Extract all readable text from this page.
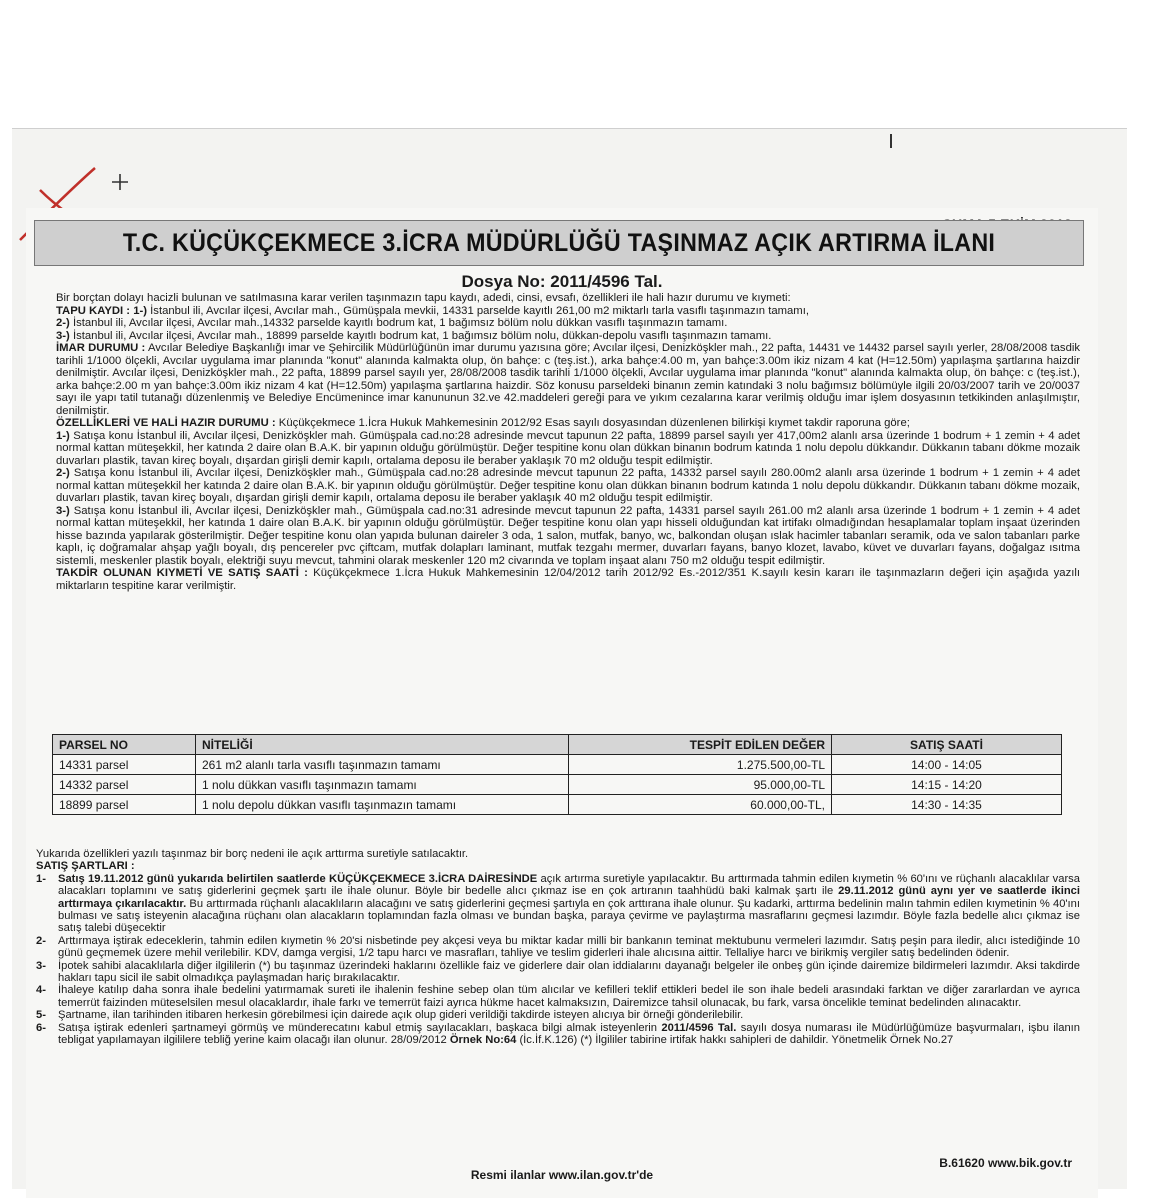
T.C. KÜÇÜKÇEKMECE 3.İCRA MÜDÜRLÜĞÜ TAŞINMAZ AÇIK ARTIRMA İLANI
Dosya No: 2011/4596 Tal.

Bir borçtan dolayı hacizli bulunan ve satılmasına karar verilen taşınmazın tapu kaydı, adedi, cinsi, evsafı, özellikleri ile hali hazır durumu ve kıymeti:

TAPU KAYDI : 1-) İstanbul ili, Avcılar ilçesi, Avcılar mah., Gümüşpala mevkii, 14331 parselde kayıtlı 261,00 m2 miktarlı tarla vasıflı taşınmazın tamamı,

2-) İstanbul ili, Avcılar ilçesi, Avcılar mah.,14332 parselde kayıtlı bodrum kat, 1 bağımsız bölüm nolu dükkan vasıflı taşınmazın tamamı.

3-) İstanbul ili, Avcılar ilçesi, Avcılar mah., 18899 parselde kayıtlı bodrum kat, 1 bağımsız bölüm nolu, dükkan-depolu vasıflı taşınmazın tamamı.

İMAR DURUMU : Avcılar Belediye Başkanlığı imar ve Şehircilik Müdürlüğünün imar durumu yazısına göre; Avcılar ilçesi, Denizköşkler mah., 22 pafta, 14431 ve 14432 parsel sayılı yerler, 28/08/2008 tasdik tarihli 1/1000 ölçekli, Avcılar uygulama imar planında "konut" alanında kalmakta olup, ön bahçe: c (teş.ist.), arka bahçe:4.00 m, yan bahçe:3.00m ikiz nizam 4 kat (H=12.50m) yapılaşma şartlarına haizdir denilmiştir. Avcılar ilçesi, Denizköşkler mah., 22 pafta, 18899 parsel sayılı yer, 28/08/2008 tasdik tarihli 1/1000 ölçekli, Avcılar uygulama imar planında "konut" alanında kalmakta olup, ön bahçe: c (teş.ist.), arka bahçe:2.00 m yan bahçe:3.00m ikiz nizam 4 kat (H=12.50m) yapılaşma şartlarına haizdir. Söz konusu parseldeki binanın zemin katındaki 3 nolu bağımsız bölümüyle ilgili 20/03/2007 tarih ve 20/0037 sayı ile yapı tatil tutanağı düzenlenmiş ve Belediye Encümenince imar kanununun 32.ve 42.maddeleri gereği para ve yıkım cezalarına karar verilmiş olduğu imar işlem dosyasının tetkikinden anlaşılmıştır, denilmiştir.

ÖZELLİKLERİ VE HALİ HAZIR DURUMU : Küçükçekmece 1.İcra Hukuk Mahkemesinin 2012/92 Esas sayılı dosyasından düzenlenen bilirkişi kıymet takdir raporuna göre;

1-) Satışa konu İstanbul ili, Avcılar ilçesi, Denizköşkler mah. Gümüşpala cad.no:28 adresinde mevcut tapunun 22 pafta, 18899 parsel sayılı yer 417,00m2 alanlı arsa üzerinde 1 bodrum + 1 zemin + 4 adet normal kattan müteşekkil, her katında 2 daire olan B.A.K. bir yapının olduğu görülmüştür. Değer tespitine konu olan dükkan binanın bodrum katında 1 nolu depolu dükkandır. Dükkanın tabanı dökme mozaik duvarları plastik, tavan kireç boyalı, dışardan girişli demir kapılı, ortalama deposu ile beraber yaklaşık 70 m2 olduğu tespit edilmiştir.

2-) Satışa konu İstanbul ili, Avcılar ilçesi, Denizköşkler mah., Gümüşpala cad.no:28 adresinde mevcut tapunun 22 pafta, 14332 parsel sayılı 280.00m2 alanlı arsa üzerinde 1 bodrum + 1 zemin + 4 adet normal kattan müteşekkil her katında 2 daire olan B.A.K. bir yapının olduğu görülmüştür. Değer tespitine konu olan dükkan binanın bodrum katında 1 nolu depolu dükkandır. Dükkanın tabanı dökme mozaik, duvarları plastik, tavan kireç boyalı, dışardan girişli demir kapılı, ortalama deposu ile beraber yaklaşık 40 m2 olduğu tespit edilmiştir.

3-) Satışa konu İstanbul ili, Avcılar ilçesi, Denizköşkler mah., Gümüşpala cad.no:31 adresinde mevcut tapunun 22 pafta, 14331 parsel sayılı 261.00 m2 alanlı arsa üzerinde 1 bodrum + 1 zemin + 4 adet normal kattan müteşekkil, her katında 1 daire olan B.A.K. bir yapının olduğu görülmüştür. Değer tespitine konu olan yapı hisseli olduğundan kat irtifakı olmadığından hesaplamalar toplam inşaat üzerinden hisse bazında yapılarak gösterilmiştir. Değer tespitine konu olan yapıda bulunan daireler 3 oda, 1 salon, mutfak, banyo, wc, balkondan oluşan ıslak hacimler tabanları seramik, oda ve salon tabanları parke kaplı, iç doğramalar ahşap yağlı boyalı, dış pencereler pvc çiftcam, mutfak dolapları laminant, mutfak tezgahı mermer, duvarları fayans, banyo klozet, lavabo, küvet ve duvarları fayans, doğalgaz ısıtma sistemli, meskenler plastik boyalı, elektriği suyu mevcut, tahmini olarak meskenler 120 m2 civarında ve toplam inşaat alanı 750 m2 olduğu tespit edilmiştir.

TAKDİR OLUNAN KIYMETİ VE SATIŞ SAATİ : Küçükçekmece 1.İcra Hukuk Mahkemesinin 12/04/2012 tarih 2012/92 Es.-2012/351 K.sayılı kesin kararı ile taşınmazların değeri için aşağıda yazılı miktarların tespitine karar verilmiştir.

PARSEL NO	NİTELİĞİ	TESPİT EDİLEN DEĞER	SATIŞ SAATİ
14331 parsel	261 m2 alanlı tarla vasıflı taşınmazın tamamı	1.275.500,00-TL	14:00 - 14:05
14332 parsel	1 nolu dükkan vasıflı taşınmazın tamamı	95.000,00-TL	14:15 - 14:20
18899 parsel	1 nolu depolu dükkan vasıflı taşınmazın tamamı	60.000,00-TL,	14:30 - 14:35

Yukarıda özellikleri yazılı taşınmaz bir borç nedeni ile açık arttırma suretiyle satılacaktır.

SATIŞ ŞARTLARI :

1-	Satış 19.11.2012 günü yukarıda belirtilen saatlerde KÜÇÜKÇEKMECE 3.İCRA DAİRESİNDE açık artırma suretiyle yapılacaktır. Bu arttırmada tahmin edilen kıymetin % 60'ını ve rüçhanlı alacaklılar varsa alacakları toplamını ve satış giderlerini geçmek şartı ile ihale olunur. Böyle bir bedelle alıcı çıkmaz ise en çok artıranın taahhüdü baki kalmak şartı ile 29.11.2012 günü aynı yer ve saatlerde ikinci arttırmaya çıkarılacaktır. Bu arttırmada rüçhanlı alacaklıların alacağını ve satış giderlerini geçmesi şartıyla en çok arttırana ihale olunur. Şu kadarki, arttırma bedelinin malın tahmin edilen kıymetinin % 40'ını bulması ve satış isteyenin alacağına rüçhanı olan alacakların toplamından fazla olması ve bundan başka, paraya çevirme ve paylaştırma masraflarını geçmesi lazımdır. Böyle fazla bedelle alıcı çıkmaz ise satış talebi düşecektir
2-	Arttırmaya iştirak edeceklerin, tahmin edilen kıymetin % 20'si nisbetinde pey akçesi veya bu miktar kadar milli bir bankanın teminat mektubunu vermeleri lazımdır. Satış peşin para iledir, alıcı istediğinde 10 günü geçmemek üzere mehil verilebilir. KDV, damga vergisi, 1/2 tapu harcı ve masrafları, tahliye ve teslim giderleri ihale alıcısına aittir. Tellaliye harcı ve birikmiş vergiler satış bedelinden ödenir.
3-	İpotek sahibi alacaklılarla diğer ilgililerin (*) bu taşınmaz üzerindeki haklarını özellikle faiz ve giderlere dair olan iddialarını dayanağı belgeler ile onbeş gün içinde dairemize bildirmeleri lazımdır. Aksi takdirde hakları tapu sicil ile sabit olmadıkça paylaşmadan hariç bırakılacaktır.
4-	İhaleye katılıp daha sonra ihale bedelini yatırmamak sureti ile ihalenin feshine sebep olan tüm alıcılar ve kefilleri teklif ettikleri bedel ile son ihale bedeli arasındaki farktan ve diğer zararlardan ve ayrıca temerrüt faizinden müteselsilen mesul olacaklardır, ihale farkı ve temerrüt faizi ayrıca hükme hacet kalmaksızın, Dairemizce tahsil olunacak, bu fark, varsa öncelikle teminat bedelinden alınacaktır.
5-	Şartname, ilan tarihinden itibaren herkesin görebilmesi için dairede açık olup gideri verildiği takdirde isteyen alıcıya bir örneği gönderilebilir.
6-	Satışa iştirak edenleri şartnameyi görmüş ve münderecatını kabul etmiş sayılacakları, başkaca bilgi almak isteyenlerin 2011/4596 Tal. sayılı dosya numarası ile Müdürlüğümüze başvurmaları, işbu ilanın tebligat yapılamayan ilgililere tebliğ yerine kaim olacağı ilan olunur. 28/09/2012 Örnek No:64 (İc.İf.K.126) (*) İlgililer tabirine irtifak hakkı sahipleri de dahildir. Yönetmelik Örnek No.27
B.61620 www.bik.gov.tr
Resmi ilanlar www.ilan.gov.tr'de
